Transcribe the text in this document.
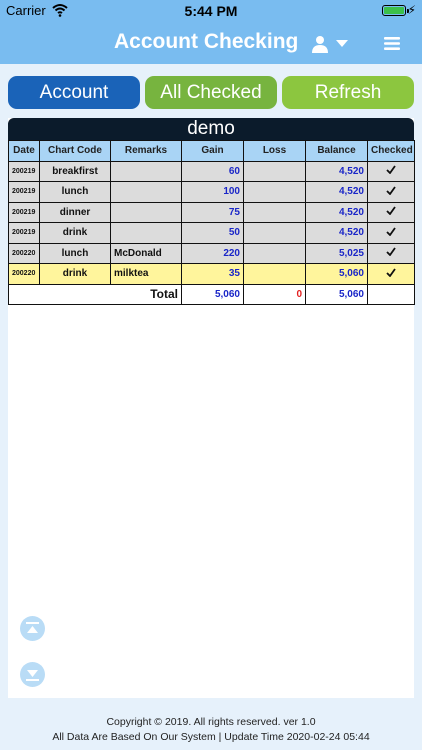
Carrier	5:44 PM	⚡︎
Account Checking
Account	All Checked	Refresh
demo
Date	Chart Code	Remarks	Gain	Loss	Balance	Checked
200219	breakfirst		60		4,520	
200219	lunch		100		4,520	
200219	dinner		75		4,520	
200219	drink		50		4,520	
200220	lunch	McDonald	220		5,025	
200220	drink	milktea	35		5,060	
Total			5,060	0	5,060	
Copyright © 2019. All rights reserved. ver 1.0
All Data Are Based On Our System | Update Time 2020-02-24 05:44
